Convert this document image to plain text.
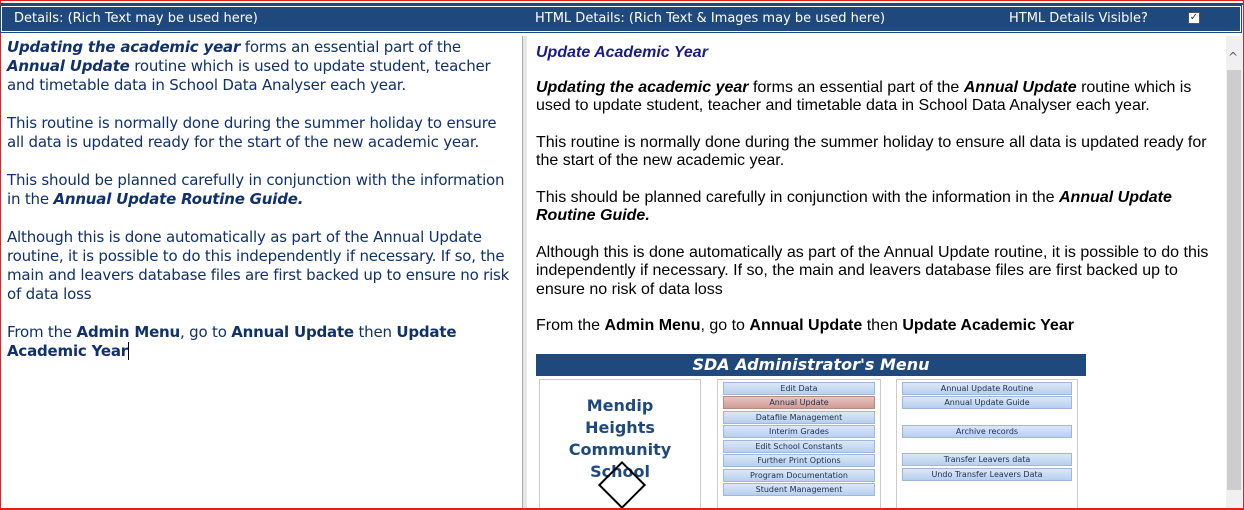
Details: (Rich Text may be used here)	HTML Details: (Rich Text & Images may be used here)	HTML Details Visible?	✓

Updating the academic year forms an essential part of the Annual Update routine which is used to update student, teacher and timetable data in School Data Analyser each year.

This routine is normally done during the summer holiday to ensure all data is updated ready for the start of the new academic year.

This should be planned carefully in conjunction with the information in the Annual Update Routine Guide.

Although this is done automatically as part of the Annual Update routine, it is possible to do this independently if necessary. If so, the main and leavers database files are first backed up to ensure no risk of data loss

From the Admin Menu, go to Annual Update then Update Academic Year

Update Academic Year

Updating the academic year forms an essential part of the Annual Update routine which is used to update student, teacher and timetable data in School Data Analyser each year.

This routine is normally done during the summer holiday to ensure all data is updated ready for the start of the new academic year.

This should be planned carefully in conjunction with the information in the Annual Update Routine Guide.

Although this is done automatically as part of the Annual Update routine, it is possible to do this independently if necessary. If so, the main and leavers database files are first backed up to ensure no risk of data loss

From the Admin Menu, go to Annual Update then Update Academic Year

SDA Administrator's Menu
Mendip Heights Community School
Edit Data
Annual Update
Datafile Management
Interim Grades
Edit School Constants
Further Print Options
Program Documentation
Student Management
Annual Update Routine
Annual Update Guide
Archive records
Transfer Leavers data
Undo Transfer Leavers Data
^
